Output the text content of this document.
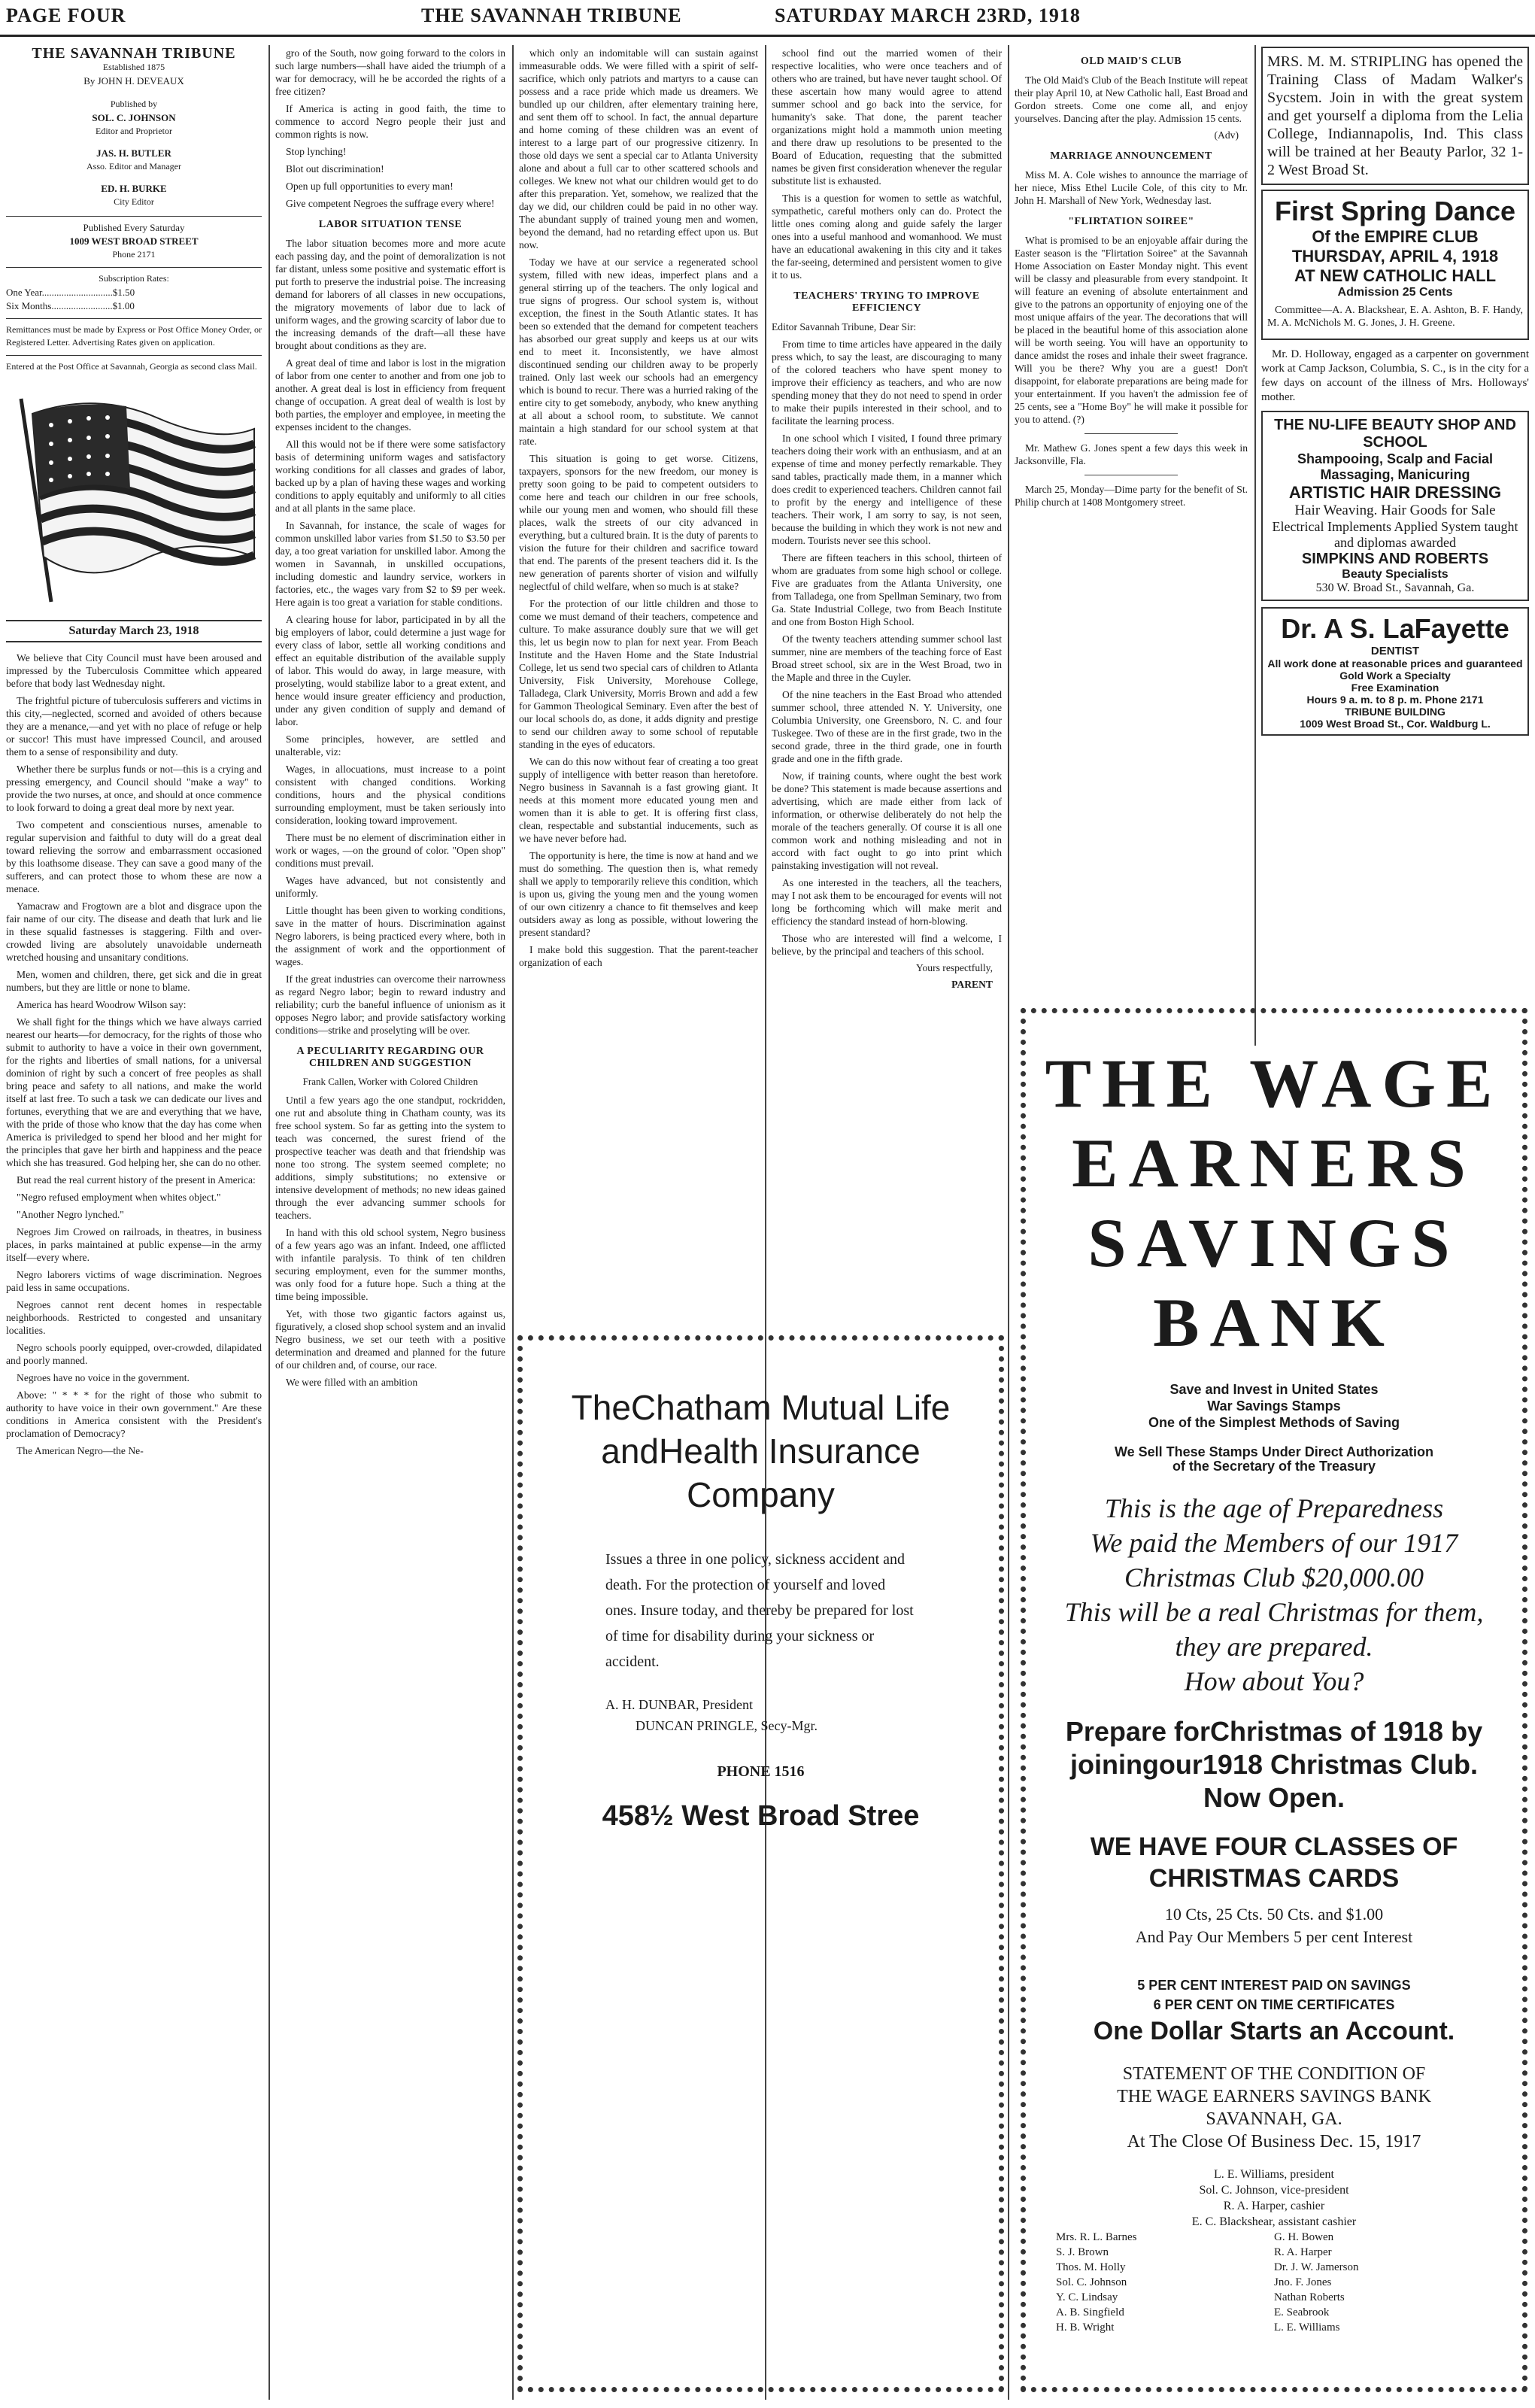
PAGE FOUR	THE SAVANNAH TRIBUNE	SATURDAY MARCH 23RD, 1918
THE SAVANNAH TRIBUNE
Established 1875
By JOHN H. DEVEAUX
Published by
SOL. C. JOHNSON
Editor and Proprietor
JAS. H. BUTLER
Asso. Editor and Manager
ED. H. BURKE
City Editor
Published Every Saturday
1009 WEST BROAD STREET
Phone 2171
Subscription Rates:
One Year.............................$1.50
Six Months.........................$1.00
Remittances must be made by Express or Post Office Money Order, or Registered Letter. Advertising Rates given on application.
Entered at the Post Office at Savannah, Georgia as second class Mail.
Saturday March 23, 1918

We believe that City Council must have been aroused and impressed by the Tuberculosis Committee which appeared before that body last Wednesday night.

The frightful picture of tuberculosis sufferers and victims in this city,—neglected, scorned and avoided of others because they are a menance,—and yet with no place of refuge or help or succor! This must have impressed Council, and aroused them to a sense of responsibility and duty.

Whether there be surplus funds or not—this is a crying and pressing emergency, and Council should "make a way" to provide the two nurses, at once, and should at once commence to look forward to doing a great deal more by next year.

Two competent and conscientious nurses, amenable to regular supervision and faithful to duty will do a great deal toward relieving the sorrow and embarrassment occasioned by this loathsome disease. They can save a good many of the sufferers, and can protect those to whom these are now a menace.

Yamacraw and Frogtown are a blot and disgrace upon the fair name of our city. The disease and death that lurk and lie in these squalid fastnesses is staggering. Filth and over-crowded living are absolutely unavoidable underneath wretched housing and unsanitary conditions.

Men, women and children, there, get sick and die in great numbers, but they are little or none to blame.

America has heard Woodrow Wilson say:

We shall fight for the things which we have always carried nearest our hearts—for democracy, for the rights of those who submit to authority to have a voice in their own government, for the rights and liberties of small nations, for a universal dominion of right by such a concert of free peoples as shall bring peace and safety to all nations, and make the world itself at last free. To such a task we can dedicate our lives and fortunes, everything that we are and everything that we have, with the pride of those who know that the day has come when America is priviledged to spend her blood and her might for the principles that gave her birth and happiness and the peace which she has treasured. God helping her, she can do no other.

But read the real current history of the present in America:

"Negro refused employment when whites object."

"Another Negro lynched."

Negroes Jim Crowed on railroads, in theatres, in business places, in parks maintained at public expense—in the army itself—every where.

Negro laborers victims of wage discrimination. Negroes paid less in same occupations.

Negroes cannot rent decent homes in respectable neighborhoods. Restricted to congested and unsanitary localities.

Negro schools poorly equipped, over-crowded, dilapidated and poorly manned.

Negroes have no voice in the government.

Above: " * * * for the right of those who submit to authority to have voice in their own government." Are these conditions in America consistent with the President's proclamation of Democracy?

The American Negro—the Ne-

gro of the South, now going forward to the colors in such large numbers—shall have aided the triumph of a war for democracy, will he be accorded the rights of a free citizen?

If America is acting in good faith, the time to commence to accord Negro people their just and common rights is now.

Stop lynching!

Blot out discrimination!

Open up full opportunities to every man!

Give competent Negroes the suffrage every where!

LABOR SITUATION TENSE

The labor situation becomes more and more acute each passing day, and the point of demoralization is not far distant, unless some positive and systematic effort is put forth to preserve the industrial poise. The increasing demand for laborers of all classes in new occupations, the migratory movements of labor due to lack of uniform wages, and the growing scarcity of labor due to the increasing demands of the draft—all these have brought about conditions as they are.

A great deal of time and labor is lost in the migration of labor from one center to another and from one job to another. A great deal is lost in efficiency from frequent change of occupation. A great deal of wealth is lost by both parties, the employer and employee, in meeting the expenses incident to the changes.

All this would not be if there were some satisfactory basis of determining uniform wages and satisfactory working conditions for all classes and grades of labor, backed up by a plan of having these wages and working conditions to apply equitably and uniformly to all cities and at all plants in the same place.

In Savannah, for instance, the scale of wages for common unskilled labor varies from $1.50 to $3.50 per day, a too great variation for unskilled labor. Among the women in Savannah, in unskilled occupations, including domestic and laundry service, workers in factories, etc., the wages vary from $2 to $9 per week. Here again is too great a variation for stable conditions.

A clearing house for labor, participated in by all the big employers of labor, could determine a just wage for every class of labor, settle all working conditions and effect an equitable distribution of the available supply of labor. This would do away, in large measure, with proselyting, would stabilize labor to a great extent, and hence would insure greater efficiency and production, under any given condition of supply and demand of labor.

Some principles, however, are settled and unalterable, viz:

Wages, in allocuations, must increase to a point consistent with changed conditions. Working conditions, hours and the physical conditions surrounding employment, must be taken seriously into consideration, looking toward improvement.

There must be no element of discrimination either in work or wages, —on the ground of color. "Open shop" conditions must prevail.

Wages have advanced, but not consistently and uniformly.

Little thought has been given to working conditions, save in the matter of hours. Discrimination against Negro laborers, is being practiced every where, both in the assignment of work and the opportionment of wages.

If the great industries can overcome their narrowness as regard Negro labor; begin to reward industry and reliability; curb the baneful influence of unionism as it opposes Negro labor; and provide satisfactory working conditions—strike and proselyting will be over.

A PECULIARITY REGARDING OUR CHILDREN AND SUGGESTION
Frank Callen, Worker with Colored Children

Until a few years ago the one standput, rockridden, one rut and absolute thing in Chatham county, was its free school system. So far as getting into the system to teach was concerned, the surest friend of the prospective teacher was death and that friendship was none too strong. The system seemed complete; no additions, simply substitutions; no extensive or intensive development of methods; no new ideas gained through the ever advancing summer schools for teachers.

In hand with this old school system, Negro business of a few years ago was an infant. Indeed, one afflicted with infantile paralysis. To think of ten children securing employment, even for the summer months, was only food for a future hope. Such a thing at the time being impossible.

Yet, with those two gigantic factors against us, figuratively, a closed shop school system and an invalid Negro business, we set our teeth with a positive determination and dreamed and planned for the future of our children and, of course, our race.

We were filled with an ambition

which only an indomitable will can sustain against immeasurable odds. We were filled with a spirit of self-sacrifice, which only patriots and martyrs to a cause can possess and a race pride which made us dreamers. We bundled up our children, after elementary training here, and sent them off to school. In fact, the annual departure and home coming of these children was an event of interest to a large part of our progressive citizenry. In those old days we sent a special car to Atlanta University alone and about a full car to other scattered schools and colleges. We knew not what our children would get to do after this preparation. Yet, somehow, we realized that the day we did, our children could be paid in no other way. The abundant supply of trained young men and women, beyond the demand, had no retarding effect upon us. But now.

Today we have at our service a regenerated school system, filled with new ideas, imperfect plans and a general stirring up of the teachers. The only logical and true signs of progress. Our school system is, without exception, the finest in the South Atlantic states. It has been so extended that the demand for competent teachers has absorbed our great supply and keeps us at our wits end to meet it. Inconsistently, we have almost discontinued sending our children away to be properly trained. Only last week our schools had an emergency which is bound to recur. There was a hurried raking of the entire city to get somebody, anybody, who knew anything at all about a school room, to substitute. We cannot maintain a high standard for our school system at that rate.

This situation is going to get worse. Citizens, taxpayers, sponsors for the new freedom, our money is pretty soon going to be paid to competent outsiders to come here and teach our children in our free schools, while our young men and women, who should fill these places, walk the streets of our city advanced in everything, but a cultured brain. It is the duty of parents to vision the future for their children and sacrifice toward that end. The parents of the present teachers did it. Is the new generation of parents shorter of vision and wilfully neglectful of child welfare, when so much is at stake?

For the protection of our little children and those to come we must demand of their teachers, competence and culture. To make assurance doubly sure that we will get this, let us begin now to plan for next year. From Beach Institute and the Haven Home and the State Industrial College, let us send two special cars of children to Atlanta University, Fisk University, Morehouse College, Talladega, Clark University, Morris Brown and add a few for Gammon Theological Seminary. Even after the best of our local schools do, as done, it adds dignity and prestige to send our children away to some school of reputable standing in the eyes of educators.

We can do this now without fear of creating a too great supply of intelligence with better reason than heretofore. Negro business in Savannah is a fast growing giant. It needs at this moment more educated young men and women than it is able to get. It is offering first class, clean, respectable and substantial inducements, such as we have never before had.

The opportunity is here, the time is now at hand and we must do something. The question then is, what remedy shall we apply to temporarily relieve this condition, which is upon us, giving the young men and the young women of our own citizenry a chance to fit themselves and keep outsiders away as long as possible, without lowering the present standard?

I make bold this suggestion. That the parent-teacher organization of each

school find out the married women of their respective localities, who were once teachers and of others who are trained, but have never taught school. Of these ascertain how many would agree to attend summer school and go back into the service, for humanity's sake. That done, the parent teacher organizations might hold a mammoth union meeting and there draw up resolutions to be presented to the Board of Education, requesting that the submitted names be given first consideration whenever the regular substitute list is exhausted.

This is a question for women to settle as watchful, sympathetic, careful mothers only can do. Protect the little ones coming along and guide safely the larger ones into a useful manhood and womanhood. We must have an educational awakening in this city and it takes the far-seeing, determined and persistent women to give it to us.

TEACHERS' TRYING TO IMPROVE EFFICIENCY

Editor Savannah Tribune, Dear Sir:

From time to time articles have appeared in the daily press which, to say the least, are discouraging to many of the colored teachers who have spent money to improve their efficiency as teachers, and who are now spending money that they do not need to spend in order to make their pupils interested in their school, and to facilitate the learning process.

In one school which I visited, I found three primary teachers doing their work with an enthusiasm, and at an expense of time and money perfectly remarkable. They sand tables, practically made them, in a manner which does credit to experienced teachers. Children cannot fail to profit by the energy and intelligence of these teachers. Their work, I am sorry to say, is not seen, because the building in which they work is not new and modern. Tourists never see this school.

There are fifteen teachers in this school, thirteen of whom are graduates from some high school or college. Five are graduates from the Atlanta University, one from Talladega, one from Spellman Seminary, two from Ga. State Industrial College, two from Beach Institute and one from Boston High School.

Of the twenty teachers attending summer school last summer, nine are members of the teaching force of East Broad street school, six are in the West Broad, two in the Maple and three in the Cuyler.

Of the nine teachers in the East Broad who attended summer school, three attended N. Y. University, one Columbia University, one Greensboro, N. C. and four Tuskegee. Two of these are in the first grade, two in the second grade, three in the third grade, one in fourth grade and one in the fifth grade.

Now, if training counts, where ought the best work be done? This statement is made because assertions and advertising, which are made either from lack of information, or otherwise deliberately do not help the morale of the teachers generally. Of course it is all one common work and nothing misleading and not in accord with fact ought to go into print which painstaking investigation will not reveal.

As one interested in the teachers, all the teachers, may I not ask them to be encouraged for events will not long be forthcoming which will make merit and efficiency the standard instead of horn-blowing.

Those who are interested will find a welcome, I believe, by the principal and teachers of this school.

Yours respectfully,
PARENT
OLD MAID'S CLUB

The Old Maid's Club of the Beach Institute will repeat their play April 10, at New Catholic hall, East Broad and Gordon streets. Come one come all, and enjoy yourselves. Dancing after the play. Admission 15 cents.

(Adv)
MARRIAGE ANNOUNCEMENT

Miss M. A. Cole wishes to announce the marriage of her niece, Miss Ethel Lucile Cole, of this city to Mr. John H. Marshall of New York, Wednesday last.

"FLIRTATION SOIREE"

What is promised to be an enjoyable affair during the Easter season is the "Flirtation Soiree" at the Savannah Home Association on Easter Monday night. This event will be classy and pleasurable from every standpoint. It will feature an evening of absolute entertainment and give to the patrons an opportunity of enjoying one of the most unique affairs of the year. The decorations that will be placed in the beautiful home of this association alone will be worth seeing. You will have an opportunity to dance amidst the roses and inhale their sweet fragrance. Will you be there? Why you are a guest! Don't disappoint, for elaborate preparations are being made for your entertainment. If you haven't the admission fee of 25 cents, see a "Home Boy" he will make it possible for you to attend. (?)

Mr. Mathew G. Jones spent a few days this week in Jacksonville, Fla.

March 25, Monday—Dime party for the benefit of St. Philip church at 1408 Montgomery street.

MRS. M. M. STRIPLING has opened the Training Class of Madam Walker's Sycstem. Join in with the great system and get yourself a diploma from the Lelia College, Indiannapolis, Ind. This class will be trained at her Beauty Parlor, 32 1-2 West Broad St.

First Spring Dance
Of the EMPIRE CLUB
THURSDAY, APRIL 4, 1918
AT NEW CATHOLIC HALL
Admission 25 Cents

Committee—A. A. Blackshear, E. A. Ashton, B. F. Handy, M. A. McNichols M. G. Jones, J. H. Greene.

Mr. D. Holloway, engaged as a carpenter on government work at Camp Jackson, Columbia, S. C., is in the city for a few days on account of the illness of Mrs. Holloways' mother.

THE NU-LIFE BEAUTY SHOP AND SCHOOL
Shampooing, Scalp and Facial Massaging, Manicuring
ARTISTIC HAIR DRESSING
Hair Weaving. Hair Goods for Sale
Electrical Implements Applied System taught and diplomas awarded
SIMPKINS AND ROBERTS
Beauty Specialists
530 W. Broad St., Savannah, Ga.
Dr. A S. LaFayette
DENTIST
All work done at reasonable prices and guaranteed
Gold Work a Specialty
Free Examination
Hours 9 a. m. to 8 p. m. Phone 2171
TRIBUNE BUILDING
1009 West Broad St., Cor. Waldburg L.
THE WAGE
EARNERS
SAVINGS
BANK
Save and Invest in United States
War Savings Stamps
One of the Simplest Methods of Saving
We Sell These Stamps Under Direct Authorization of the Secretary of the Treasury
This is the age of Preparedness
We paid the Members of our 1917
Christmas Club $20,000.00
This will be a real Christmas for them, they are prepared.
How about You?
Prepare forChristmas of 1918 by joiningour1918 Christmas Club. Now Open.
WE HAVE FOUR CLASSES OF CHRISTMAS CARDS
10 Cts, 25 Cts. 50 Cts. and $1.00
And Pay Our Members 5 per cent Interest
5 PER CENT INTEREST PAID ON SAVINGS
6 PER CENT ON TIME CERTIFICATES
One Dollar Starts an Account.
STATEMENT OF THE CONDITION OF
THE WAGE EARNERS SAVINGS BANK
SAVANNAH, GA.
At The Close Of Business Dec. 15, 1917
L. E. Williams, president
Sol. C. Johnson, vice-president
R. A. Harper, cashier
E. C. Blackshear, assistant cashier
Mrs. R. L. Barnes	G. H. Bowen
S. J. Brown	R. A. Harper
Thos. M. Holly	Dr. J. W. Jamerson
Sol. C. Johnson	Jno. F. Jones
Y. C. Lindsay	Nathan Roberts
A. B. Singfield	E. Seabrook
H. B. Wright	L. E. Williams
TheChatham Mutual Life
andHealth Insurance
Company

Issues a three in one policy, sickness accident and death. For the protection of yourself and loved ones. Insure today, and thereby be prepared for lost of time for disability during your sickness or accident.

A. H. DUNBAR, President
DUNCAN PRINGLE, Secy-Mgr.
PHONE 1516
458½ West Broad Stree
